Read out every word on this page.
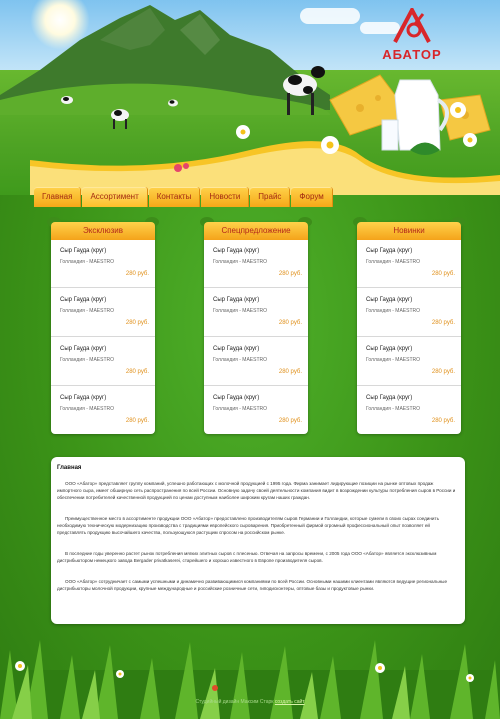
АБАТОР
Главная	Ассортимент	Контакты	Новости	Прайс	Форум
Эксклюзив
Сыр Гауда (круг)
Голландия - MAESTRO
280 руб.
Сыр Гауда (круг)
Голландия - MAESTRO
280 руб.
Сыр Гауда (круг)
Голландия - MAESTRO
280 руб.
Сыр Гауда (круг)
Голландия - MAESTRO
280 руб.
Спецпредложение
Сыр Гауда (круг)
Голландия - MAESTRO
280 руб.
Сыр Гауда (круг)
Голландия - MAESTRO
280 руб.
Сыр Гауда (круг)
Голландия - MAESTRO
280 руб.
Сыр Гауда (круг)
Голландия - MAESTRO
280 руб.
Новинки
Сыр Гауда (круг)
Голландия - MAESTRO
280 руб.
Сыр Гауда (круг)
Голландия - MAESTRO
280 руб.
Сыр Гауда (круг)
Голландия - MAESTRO
280 руб.
Сыр Гауда (круг)
Голландия - MAESTRO
280 руб.
Главная

ООО «Абатор» представляет группу компаний, успешно работающих с молочной продукцией с 1995 года. Фирма занимает лидирующие позиции на рынке оптовых продаж импортного сыра, имеет обширную сеть распространения по всей России. Основную задачу своей деятельности компания видит в возрождении культуры потребления сыров в России и обеспечении потребителей качественной продукцией по ценам доступным наиболее широким кругам наших граждан.

Преимущественное место в ассортименте продукции ООО «Абатор» предоставлено производителям сыров Германии и Голландии, которые сумели в своих сырах соединить необходимую техническую модернизацию производства с традициями европейского сыроварения. Приобретенный фирмой огромный профессиональный опыт позволяет ей представлять продукцию высочайшего качества, пользующуюся растущим спросом на российском рынке.

В последние годы уверенно растет рынок потребления мягких элитных сыров с плесенью. Отвечая на запросы времени, с 2005 года ООО «Абатор» является эксклюзивным дистрибьютором немецкого завода Bergader privatkaserei, старейшего и хорошо известного в Европе производителя сыров.

ООО «Абатор» сотрудничает с самыми успешными и динамично развивающимися компаниями по всей России. Основными нашими клиентами являются ведущие региональные дистрибьюторы молочной продукции, крупные международные и российские розничные сети, гиподисконтеры, оптовые базы и продуктовые рынки.

Студийный дизайн Максим Старк создать сайт
